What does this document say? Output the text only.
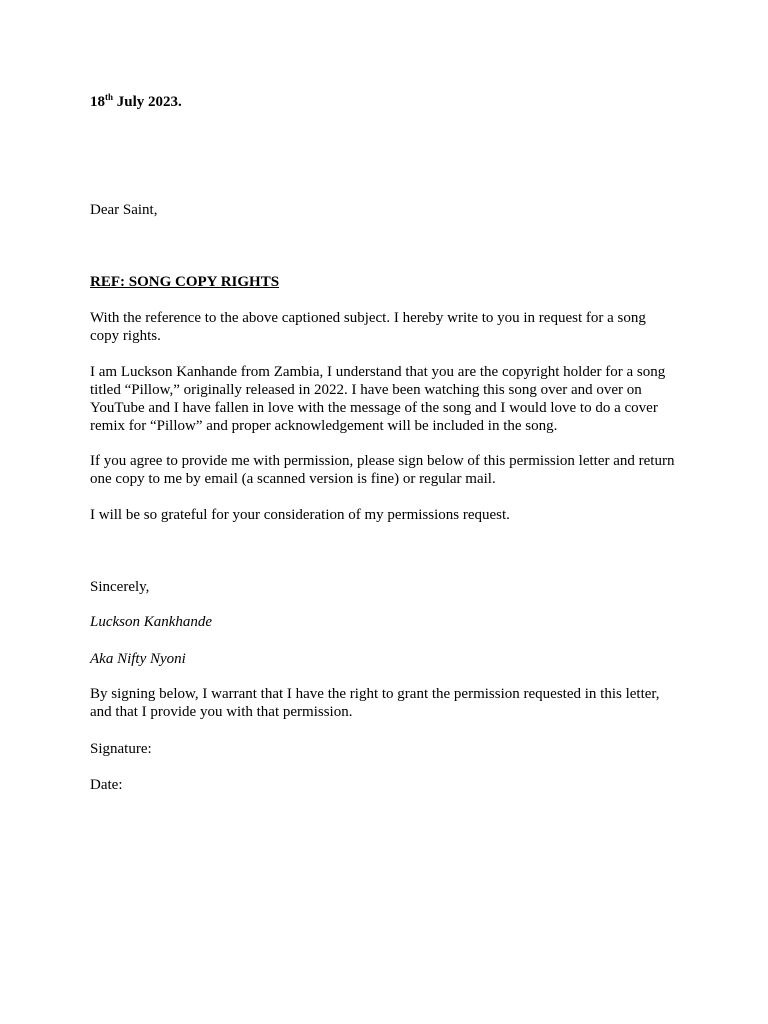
18th July 2023.

Dear Saint,

REF: SONG COPY RIGHTS

With the reference to the above captioned subject. I hereby write to you in request for a song
copy rights.
I am Luckson Kanhande from Zambia, I understand that you are the copyright holder for a song
titled “Pillow,” originally released in 2022. I have been watching this song over and over on
YouTube and I have fallen in love with the message of the song and I would love to do a cover
remix for “Pillow” and proper acknowledgement will be included in the song.
If you agree to provide me with permission, please sign below of this permission letter and return
one copy to me by email (a scanned version is fine) or regular mail.

I will be so grateful for your consideration of my permissions request.

Sincerely,

Luckson Kankhande

Aka Nifty Nyoni

By signing below, I warrant that I have the right to grant the permission requested in this letter,
and that I provide you with that permission.

Signature:

Date:
